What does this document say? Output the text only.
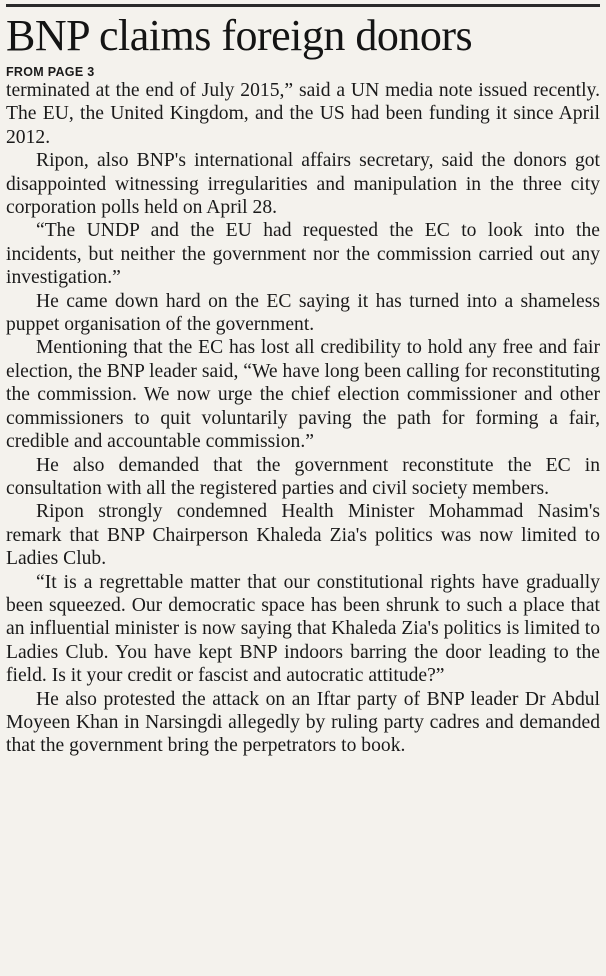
BNP claims foreign donors
FROM PAGE 3

terminated at the end of July 2015,” said a UN media note issued recently. The EU, the United Kingdom, and the US had been funding it since April 2012.

Ripon, also BNP's international affairs secretary, said the donors got disappointed witnessing irregularities and manipulation in the three city corporation polls held on April 28.

“The UNDP and the EU had requested the EC to look into the incidents, but neither the government nor the commission carried out any investigation.”

He came down hard on the EC saying it has turned into a shameless puppet organisation of the government.

Mentioning that the EC has lost all credibility to hold any free and fair election, the BNP leader said, “We have long been calling for reconstituting the commission. We now urge the chief election commissioner and other commissioners to quit voluntarily paving the path for forming a fair, credible and accountable commission.”

He also demanded that the government reconstitute the EC in consultation with all the registered parties and civil society members.

Ripon strongly condemned Health Minister Mohammad Nasim's remark that BNP Chairperson Khaleda Zia's politics was now limited to Ladies Club.

“It is a regrettable matter that our constitutional rights have gradually been squeezed. Our democratic space has been shrunk to such a place that an influential minister is now saying that Khaleda Zia's politics is limited to Ladies Club. You have kept BNP indoors barring the door leading to the field. Is it your credit or fascist and autocratic attitude?”

He also protested the attack on an Iftar party of BNP leader Dr Abdul Moyeen Khan in Narsingdi allegedly by ruling party cadres and demanded that the government bring the perpetrators to book.
